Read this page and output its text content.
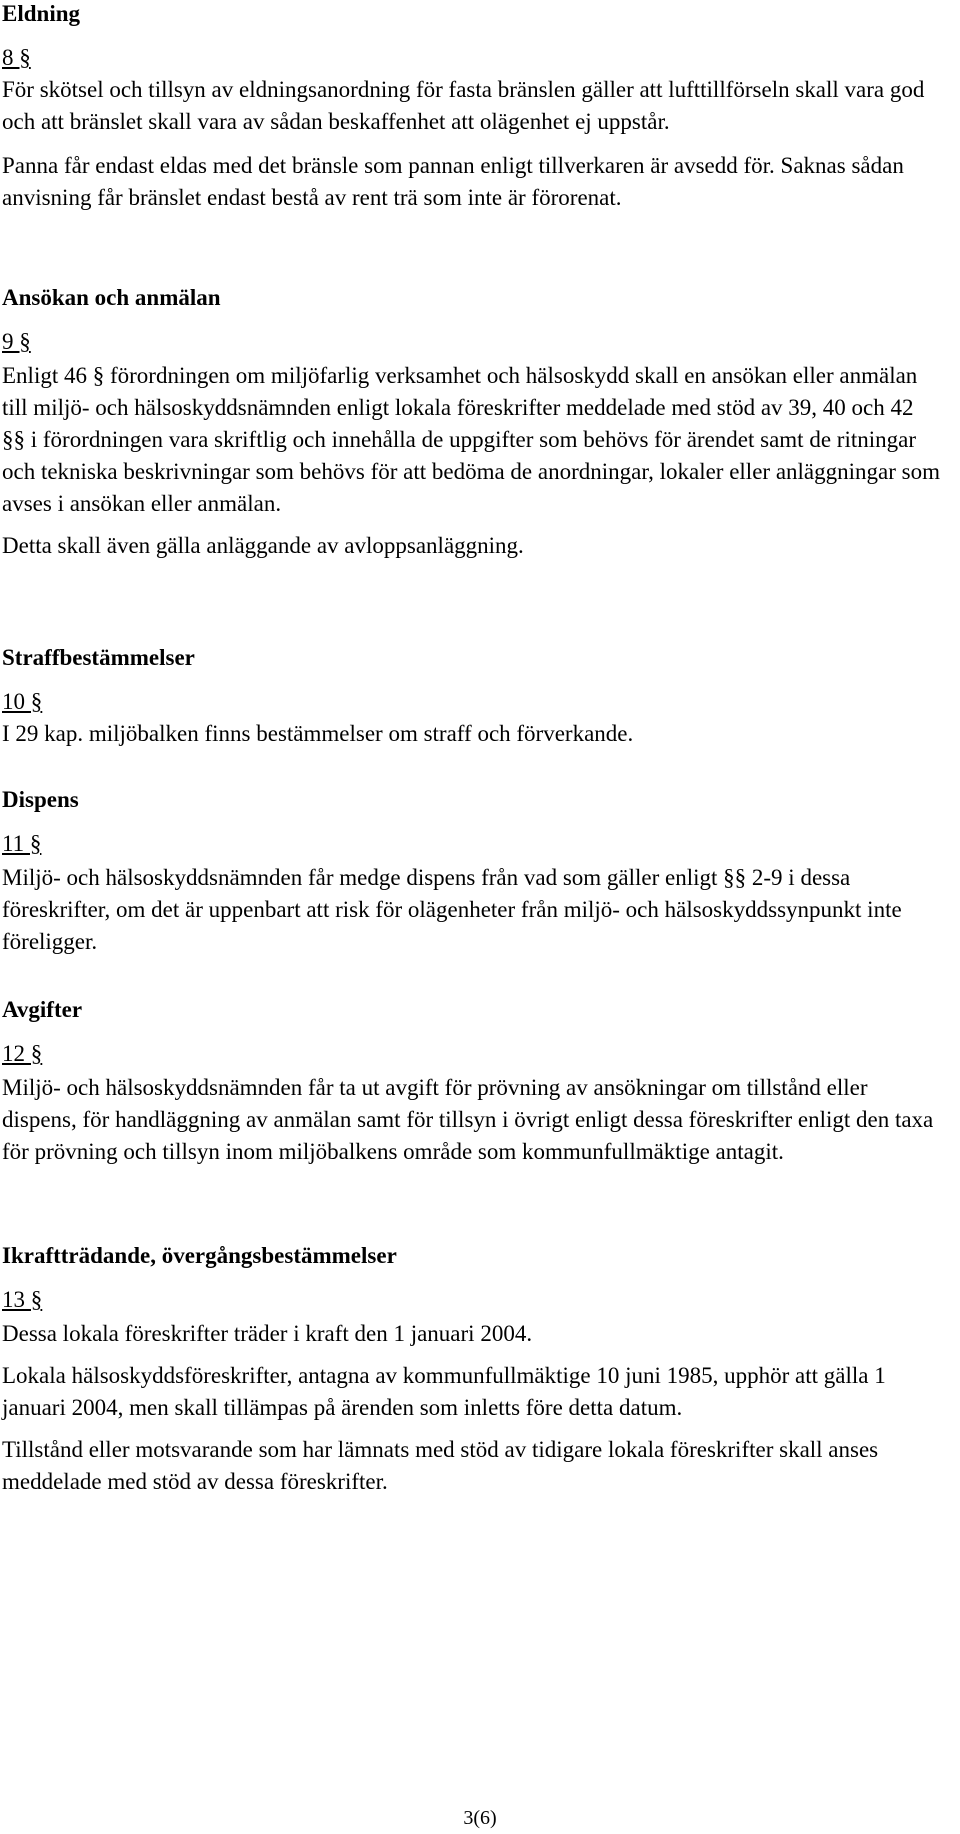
Eldning

8 §

För skötsel och tillsyn av eldningsanordning för fasta bränslen gäller att lufttillförseln skall vara god och att bränslet skall vara av sådan beskaffenhet att olägenhet ej uppstår.

Panna får endast eldas med det bränsle som pannan enligt tillverkaren är avsedd för. Saknas sådan anvisning får bränslet endast bestå av rent trä som inte är förorenat.

Ansökan och anmälan

9 §

Enligt 46 § förordningen om miljöfarlig verksamhet och hälsoskydd skall en ansökan eller anmälan till miljö- och hälsoskyddsnämnden enligt lokala föreskrifter meddelade med stöd av 39, 40 och 42 §§ i förordningen vara skriftlig och innehålla de uppgifter som behövs för ärendet samt de ritningar och tekniska beskrivningar som behövs för att bedöma de anordningar, lokaler eller anläggningar som avses i ansökan eller anmälan.

Detta skall även gälla anläggande av avloppsanläggning.

Straffbestämmelser

10 §

I 29 kap. miljöbalken finns bestämmelser om straff och förverkande.

Dispens

11 §

Miljö- och hälsoskyddsnämnden får medge dispens från vad som gäller enligt §§ 2-9 i dessa föreskrifter, om det är uppenbart att risk för olägenheter från miljö- och hälsoskyddssynpunkt inte föreligger.

Avgifter

12 §

Miljö- och hälsoskyddsnämnden får ta ut avgift för prövning av ansökningar om tillstånd eller dispens, för handläggning av anmälan samt för tillsyn i övrigt enligt dessa föreskrifter enligt den taxa för prövning och tillsyn inom miljöbalkens område som kommunfullmäktige antagit.

Ikraftträdande, övergångsbestämmelser

13 §

Dessa lokala föreskrifter träder i kraft den 1 januari 2004.

Lokala hälsoskyddsföreskrifter, antagna av kommunfullmäktige 10 juni 1985, upphör att gälla 1 januari 2004, men skall tillämpas på ärenden som inletts före detta datum.

Tillstånd eller motsvarande som har lämnats med stöd av tidigare lokala föreskrifter skall anses meddelade med stöd av dessa föreskrifter.

3(6)
